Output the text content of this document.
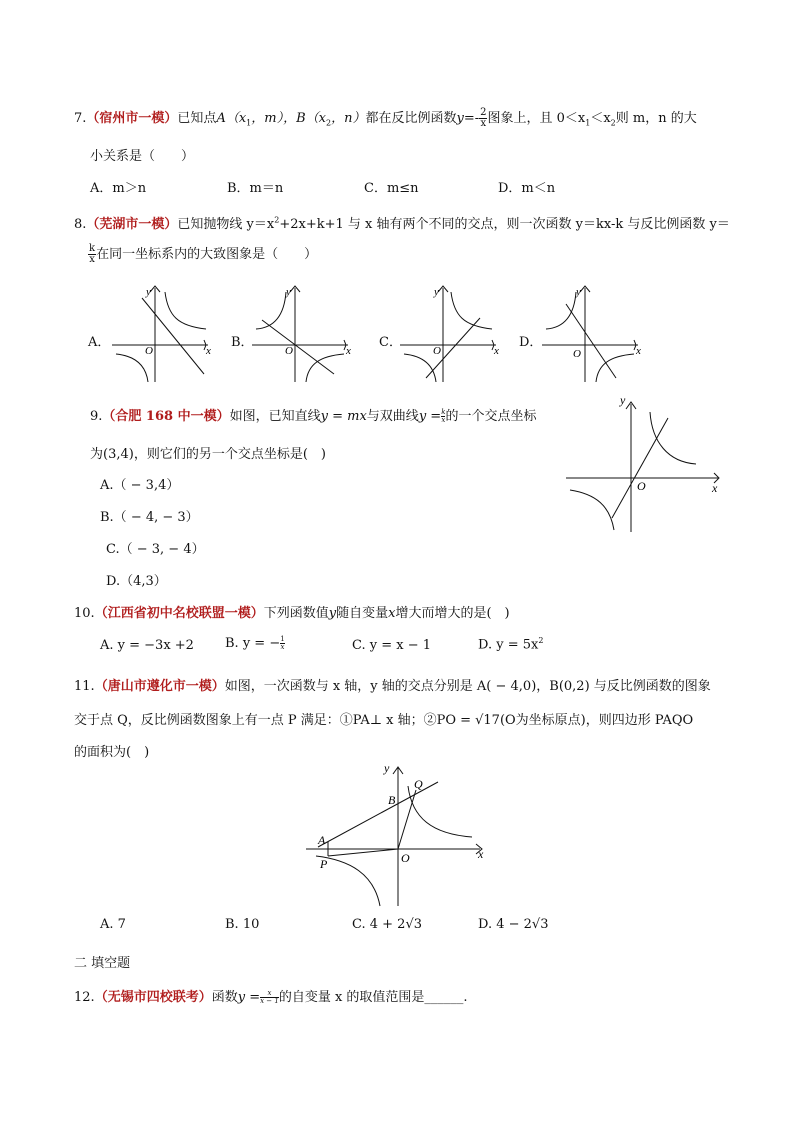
7.（宿州市一模）已知点$A(x_1$，m），$B(x_2$，n）都在反比例函数$y=- \frac{2}{x}$ 图象上，且 $0<x_1<x_2$则 m，n 的大
小关系是（　　）
A．m＞n	B．m＝n	C．m≤n	D．m＜n
8.（芜湖市一模）已知抛物线 $y=x^2+2x+k+1$ 与 x 轴有两个不同的交点，则一次函数 y＝kx-k 与反比例函数 y＝
$\frac{k}{x}$ 在同一坐标系内的大致图象是（　　）
A．
y
O	x
B．
y
O	x
C．
y
O	x
D．
y
O	x
9.（合肥 168 中一模）如图，已知直线y = mx与双曲线$y = \frac{k}{x}$ 的一个交点坐标
为(3,4)，则它们的另一个交点坐标是(　)
A.（ − 3,4）
B.（ − 4, − 3）
C.（ − 3, − 4）
D.（4,3）
y
O	x
10.（江西省初中名校联盟一模）下列函数值y随自变量x增大而增大的是(　)
A. y = −3x +2 B. y = − $\frac{1}{x}$	C. y = x − 1	D. $y = 5x^2$
11.（唐山市遵化市一模）如图，一次函数与 x 轴，y 轴的交点分别是 A( − 4,0)，B(0,2) 与反比例函数的图象
交于点 Q，反比例函数图象上有一点 P 满足：①PA⊥ x 轴；②PO = √17(O为坐标原点)，则四边形 PAQO
的面积为(　)
y
Q
B
A
P	O	x
A. 7	B. 10	C. 4 + 2√3	D. 4 − 2√3
二 填空题
12.（无锡市四校联考）函数$y = \frac{x}{x - 1}$ 的自变量 x 的取值范围是______.
